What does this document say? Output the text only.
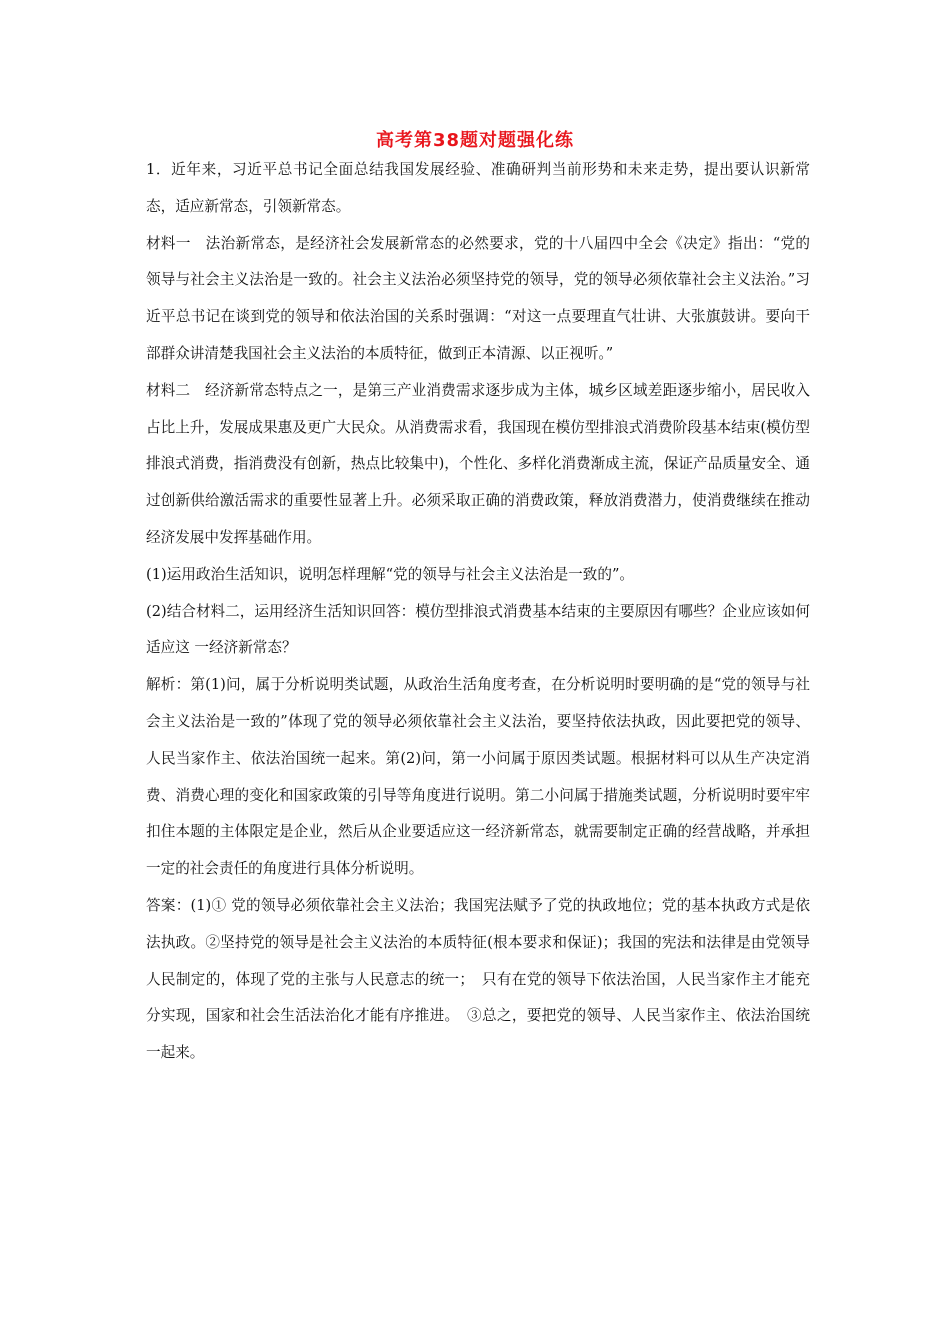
高考第38题对题强化练

1．近年来，习近平总书记全面总结我国发展经验、准确研判当前形势和未来走势，提出要认识新常态，适应新常态，引领新常态。

材料一　法治新常态，是经济社会发展新常态的必然要求，党的十八届四中全会《决定》指出：“党的领导与社会主义法治是一致的。社会主义法治必须坚持党的领导，党的领导必须依靠社会主义法治。”习近平总书记在谈到党的领导和依法治国的关系时强调：“对这一点要理直气壮讲、大张旗鼓讲。要向干部群众讲清楚我国社会主义法治的本质特征，做到正本清源、以正视听。”

材料二　经济新常态特点之一，是第三产业消费需求逐步成为主体，城乡区域差距逐步缩小，居民收入占比上升，发展成果惠及更广大民众。从消费需求看，我国现在模仿型排浪式消费阶段基本结束(模仿型排浪式消费，指消费没有创新，热点比较集中)，个性化、多样化消费渐成主流，保证产品质量安全、通过创新供给激活需求的重要性显著上升。必须采取正确的消费政策，释放消费潜力，使消费继续在推动经济发展中发挥基础作用。

(1)运用政治生活知识，说明怎样理解“党的领导与社会主义法治是一致的”。

(2)结合材料二，运用经济生活知识回答：模仿型排浪式消费基本结束的主要原因有哪些？企业应该如何适应这 一经济新常态？

解析：第(1)问，属于分析说明类试题，从政治生活角度考查，在分析说明时要明确的是“党的领导与社会主义法治是一致的”体现了党的领导必须依靠社会主义法治，要坚持依法执政，因此要把党的领导、人民当家作主、依法治国统一起来。第(2)问，第一小问属于原因类试题。根据材料可以从生产决定消费、消费心理的变化和国家政策的引导等角度进行说明。第二小问属于措施类试题，分析说明时要牢牢扣住本题的主体限定是企业，然后从企业要适应这一经济新常态，就需要制定正确的经营战略，并承担一定的社会责任的角度进行具体分析说明。

答案：(1)① 党的领导必须依靠社会主义法治；我国宪法赋予了党的执政地位；党的基本执政方式是依法执政。②坚持党的领导是社会主义法治的本质特征(根本要求和保证)；我国的宪法和法律是由党领导人民制定的，体现了党的主张与人民意志的统一；　只有在党的领导下依法治国，人民当家作主才能充分实现，国家和社会生活法治化才能有序推进。　③总之，要把党的领导、人民当家作主、依法治国统一起来。
